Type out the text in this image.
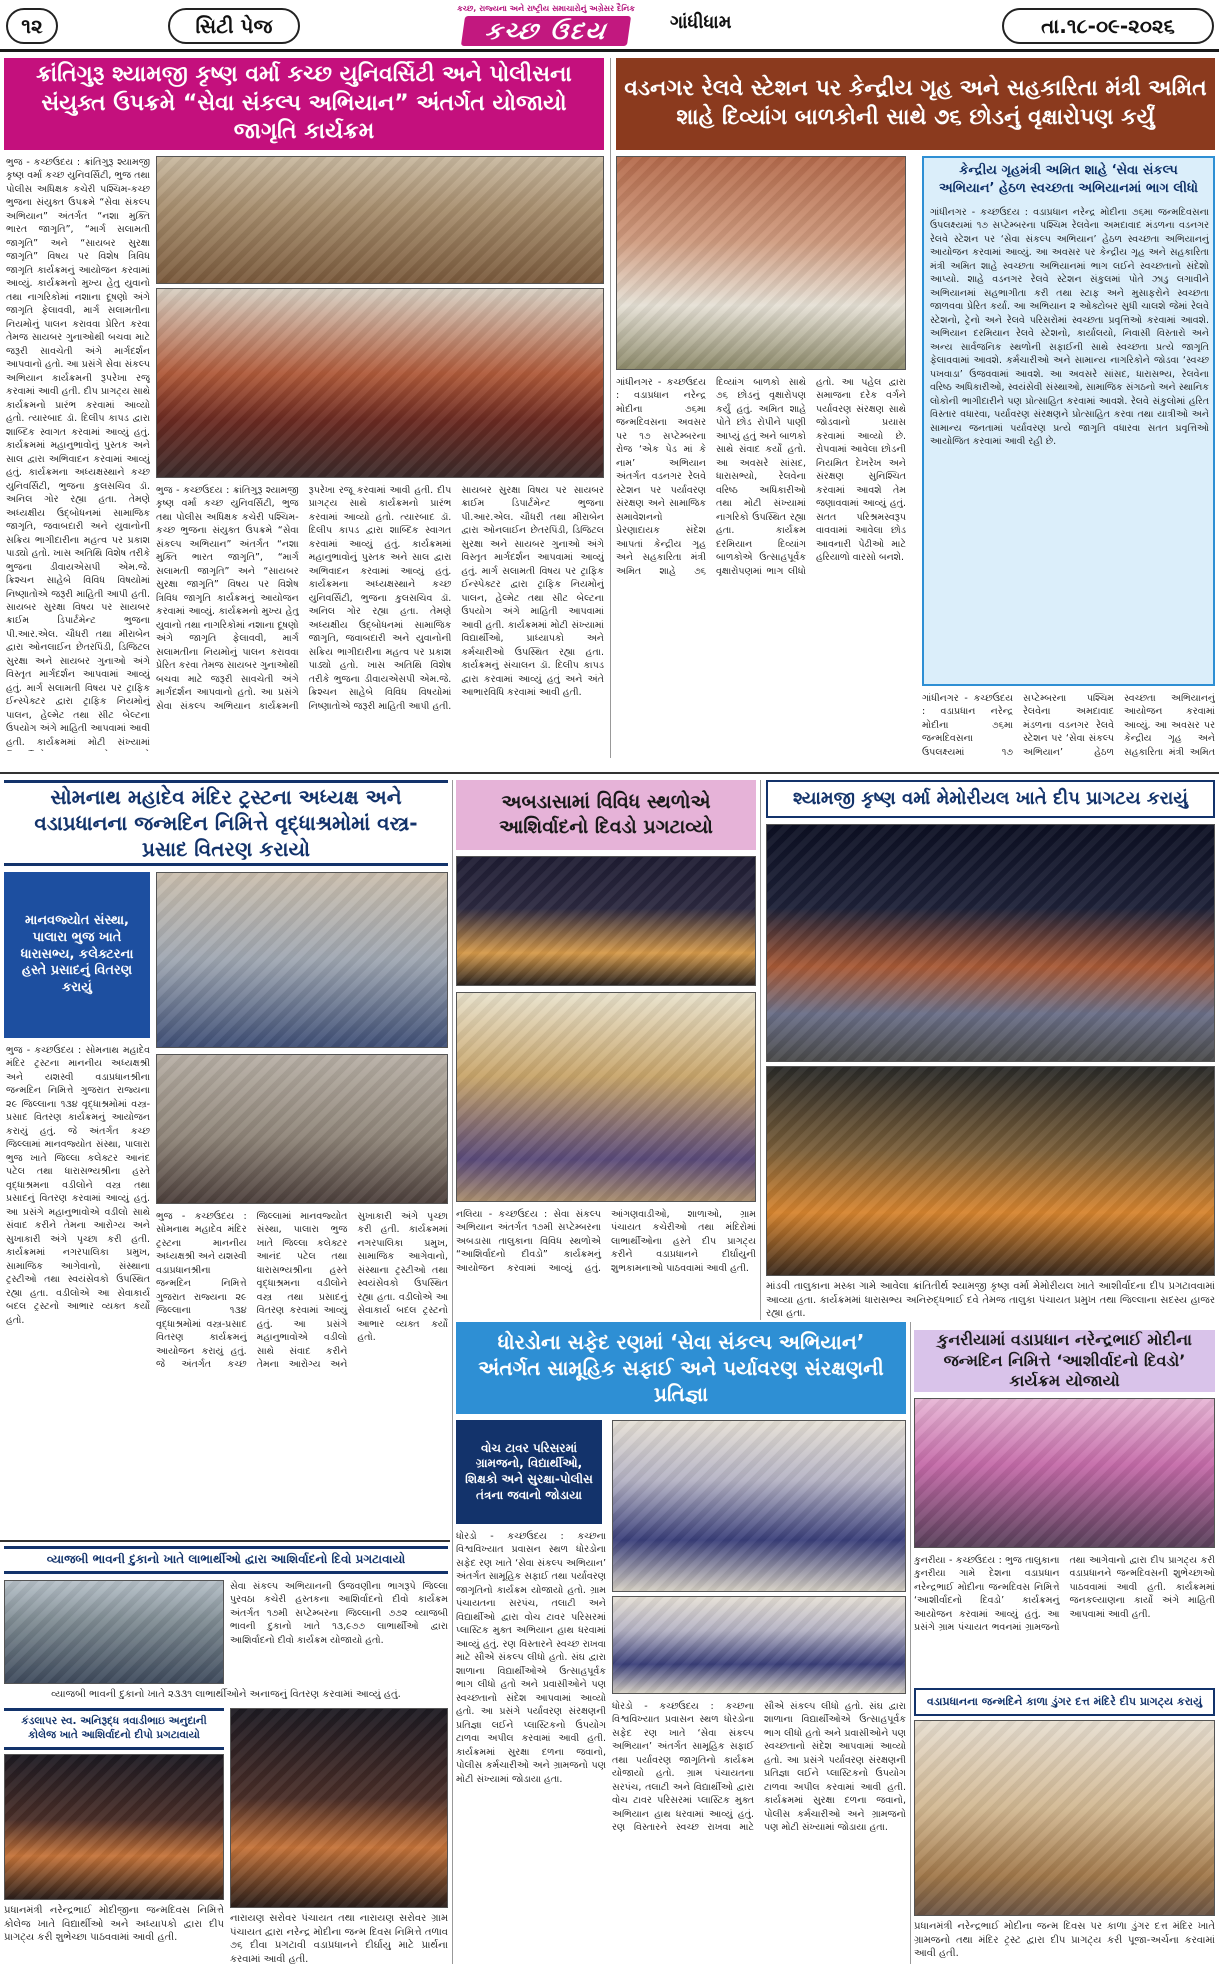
૧૨	સિટી પેજ
કચ્છ, રાજ્યના અને રાષ્ટ્રીય સમાચારોનું અગ્રેસર દૈનિક
કચ્છ ઉદય	ગાંધીધામ	તા.૧૮-૦૯-૨૦૨૬
ક્રાંતિગુરૂ શ્યામજી કૃષ્ણ વર્મા કચ્છ યુનિવર્સિટી અને પોલીસના સંયુક્ત ઉપક્રમે “સેવા સંકલ્પ અભિયાન” અંતર્ગત યોજાયો જાગૃતિ કાર્યક્રમ
ભુજ - કચ્છઉદય : ક્રાંતિગુરૂ શ્યામજી કૃષ્ણ વર્મા કચ્છ યુનિવર્સિટી, ભુજ તથા પોલીસ અધિક્ષક કચેરી પશ્ચિમ-કચ્છ ભુજના સંયુક્ત ઉપક્રમે “સેવા સંકલ્પ અભિયાન” અંતર્ગત “નશા મુક્તિ ભારત જાગૃતિ”, “માર્ગ સલામતી જાગૃતિ” અને “સાયબર સુરક્ષા જાગૃતિ” વિષય પર વિશેષ ત્રિવિધ જાગૃતિ કાર્યક્રમનું આયોજન કરવામાં આવ્યું. કાર્યક્રમનો મુખ્ય હેતુ યુવાનો તથા નાગરિકોમાં નશાના દૂષણો અંગે જાગૃતિ ફેલાવવી, માર્ગ સલામતીના નિયમોનું પાલન કરાવવા પ્રેરિત કરવા તેમજ સાયબર ગુનાઓથી બચવા માટે જરૂરી સાવચેતી અંગે માર્ગદર્શન આપવાનો હતો. આ પ્રસંગે સેવા સંકલ્પ અભિયાન કાર્યક્રમની રૂપરેખા રજૂ કરવામાં આવી હતી. દીપ પ્રાગટ્ય સાથે કાર્યક્રમનો પ્રારંભ કરવામાં આવ્યો હતો. ત્યારબાદ ડૉ. દિલીપ કાપડ દ્વારા શાબ્દિક સ્વાગત કરવામાં આવ્યું હતું. કાર્યક્રમમાં મહાનુભાવોનું પુસ્તક અને સાલ દ્વારા અભિવાદન કરવામાં આવ્યું હતું. કાર્યક્રમના અધ્યક્ષસ્થાને કચ્છ યુનિવર્સિટી, ભુજના કુલસચિવ ડૉ. અનિલ ગોર રહ્યા હતા. તેમણે અધ્યક્ષીય ઉદ્બોધનમાં સામાજિક જાગૃતિ, જવાબદારી અને યુવાનોની સક્રિય ભાગીદારીના મહત્વ પર પ્રકાશ પાડ્યો હતો. ખાસ અતિથિ વિશેષ તરીકે ભુજના ડીવાયએસપી એમ.જે. ક્રિશ્ચન સાહેબે વિવિધ વિષયોમાં નિષ્ણાતોએ જરૂરી માહિતી આપી હતી. સાયબર સુરક્ષા વિષય પર સાયબર ક્રાઈમ ડિપાર્ટમેન્ટ ભુજના પી.આર.એલ. ચૌધરી તથા મીરાબેન દ્વારા ઓનલાઈન છેતરપિંડી, ડિજિટલ સુરક્ષા અને સાયબર ગુનાઓ અંગે વિસ્તૃત માર્ગદર્શન આપવામાં આવ્યું હતું. માર્ગ સલામતી વિષય પર ટ્રાફિક ઈન્સ્પેક્ટર દ્વારા ટ્રાફિક નિયમોનું પાલન, હેલ્મેટ તથા સીટ બેલ્ટના ઉપયોગ અંગે માહિતી આપવામાં આવી હતી. કાર્યક્રમમાં મોટી સંખ્યામાં
ભુજ - કચ્છઉદય : ક્રાંતિગુરૂ શ્યામજી કૃષ્ણ વર્મા કચ્છ યુનિવર્સિટી, ભુજ તથા પોલીસ અધિક્ષક કચેરી પશ્ચિમ-કચ્છ ભુજના સંયુક્ત ઉપક્રમે “સેવા સંકલ્પ અભિયાન” અંતર્ગત “નશા મુક્તિ ભારત જાગૃતિ”, “માર્ગ સલામતી જાગૃતિ” અને “સાયબર સુરક્ષા જાગૃતિ” વિષય પર વિશેષ ત્રિવિધ જાગૃતિ કાર્યક્રમનું આયોજન કરવામાં આવ્યું. કાર્યક્રમનો મુખ્ય હેતુ યુવાનો તથા નાગરિકોમાં નશાના દૂષણો અંગે જાગૃતિ ફેલાવવી, માર્ગ સલામતીના નિયમોનું પાલન કરાવવા પ્રેરિત કરવા તેમજ સાયબર ગુનાઓથી બચવા માટે જરૂરી સાવચેતી અંગે માર્ગદર્શન આપવાનો હતો. આ પ્રસંગે સેવા સંકલ્પ અભિયાન કાર્યક્રમની રૂપરેખા રજૂ કરવામાં આવી હતી. દીપ પ્રાગટ્ય સાથે કાર્યક્રમનો પ્રારંભ કરવામાં આવ્યો હતો. ત્યારબાદ ડૉ. દિલીપ કાપડ દ્વારા શાબ્દિક સ્વાગત કરવામાં આવ્યું હતું. કાર્યક્રમમાં મહાનુભાવોનું પુસ્તક અને સાલ દ્વારા અભિવાદન કરવામાં આવ્યું હતું. કાર્યક્રમના અધ્યક્ષસ્થાને કચ્છ યુનિવર્સિટી, ભુજના કુલસચિવ ડૉ. અનિલ ગોર રહ્યા હતા. તેમણે અધ્યક્ષીય ઉદ્બોધનમાં સામાજિક જાગૃતિ, જવાબદારી અને યુવાનોની સક્રિય ભાગીદારીના મહત્વ પર પ્રકાશ પાડ્યો હતો. ખાસ અતિથિ વિશેષ તરીકે ભુજના ડીવાયએસપી એમ.જે. ક્રિશ્ચન સાહેબે વિવિધ વિષયોમાં નિષ્ણાતોએ જરૂરી માહિતી આપી હતી. સાયબર સુરક્ષા વિષય પર સાયબર ક્રાઈમ ડિપાર્ટમેન્ટ ભુજના પી.આર.એલ. ચૌધરી તથા મીરાબેન દ્વારા ઓનલાઈન છેતરપિંડી, ડિજિટલ સુરક્ષા અને સાયબર ગુનાઓ અંગે વિસ્તૃત માર્ગદર્શન આપવામાં આવ્યું હતું. માર્ગ સલામતી વિષય પર ટ્રાફિક ઈન્સ્પેક્ટર દ્વારા ટ્રાફિક નિયમોનું પાલન, હેલ્મેટ તથા સીટ બેલ્ટના ઉપયોગ અંગે માહિતી આપવામાં આવી હતી. કાર્યક્રમમાં મોટી સંખ્યામાં વિદ્યાર્થીઓ, પ્રાધ્યાપકો અને કર્મચારીઓ ઉપસ્થિત રહ્યા હતા. કાર્યક્રમનું સંચાલન ડૉ. દિલીપ કાપડ દ્વારા કરવામાં આવ્યું હતું અને અંતે આભારવિધિ કરવામાં આવી હતી.
વડનગર રેલવે સ્ટેશન પર કેન્દ્રીય ગૃહ અને સહકારિતા મંત્રી અમિત શાહે દિવ્યાંગ બાળકોની સાથે ૭૬ છોડનું વૃક્ષારોપણ કર્યું
ગાંધીનગર - કચ્છઉદય : વડાપ્રધાન નરેન્દ્ર મોદીના ૭૬મા જન્મદિવસના અવસર પર ૧૭ સપ્ટેમ્બરના રોજ ‘એક પેડ માં કે નામ’ અભિયાન અંતર્ગત વડનગર રેલવે સ્ટેશન પર પર્યાવરણ સંરક્ષણ અને સામાજિક સમાવેશનનો પ્રેરણાદાયક સંદેશ આપતાં કેન્દ્રીય ગૃહ અને સહકારિતા મંત્રી અમિત શાહે ૭૬ દિવ્યાંગ બાળકો સાથે ૭૬ છોડનું વૃક્ષારોપણ કર્યું હતું. અમિત શાહે પોતે છોડ રોપીને પાણી આપ્યું હતું અને બાળકો સાથે સંવાદ કર્યો હતો. આ અવસરે સાંસદ, ધારાસભ્યો, રેલવેના વરિષ્ઠ અધિકારીઓ તથા મોટી સંખ્યામાં નાગરિકો ઉપસ્થિત રહ્યા હતા. કાર્યક્રમ દરમિયાન દિવ્યાંગ બાળકોએ ઉત્સાહપૂર્વક વૃક્ષારોપણમાં ભાગ લીધો હતો. આ પહેલ દ્વારા સમાજના દરેક વર્ગને પર્યાવરણ સંરક્ષણ સાથે જોડવાનો પ્રયાસ કરવામાં આવ્યો છે. રોપવામાં આવેલા છોડની નિયમિત દેખરેખ અને સંરક્ષણ સુનિશ્ચિત કરવામાં આવશે તેમ જણાવવામાં આવ્યું હતું. સતત પરિશ્રમસ્વરૂપ વાવવામાં આવેલા છોડ આવનારી પેઢીઓ માટે હરિયાળો વારસો બનશે.
કેન્દ્રીય ગૃહમંત્રી અમિત શાહે ‘સેવા સંકલ્પ અભિયાન’ હેઠળ સ્વચ્છતા અભિયાનમાં ભાગ લીધો
ગાંધીનગર - કચ્છઉદય : વડાપ્રધાન નરેન્દ્ર મોદીના ૭૬મા જન્મદિવસના ઉપલક્ષ્યમાં ૧૭ સપ્ટેમ્બરના પશ્ચિમ રેલવેના અમદાવાદ મંડળના વડનગર રેલવે સ્ટેશન પર ‘સેવા સંકલ્પ અભિયાન’ હેઠળ સ્વચ્છતા અભિયાનનું આયોજન કરવામાં આવ્યું. આ અવસર પર કેન્દ્રીય ગૃહ અને સહકારિતા મંત્રી અમિત શાહે સ્વચ્છતા અભિયાનમાં ભાગ લઈને સ્વચ્છતાનો સંદેશો આપ્યો. શાહે વડનગર રેલવે સ્ટેશન સંકુલમાં પોતે ઝાડુ લગાવીને અભિયાનમાં સહભાગીતા કરી તથા સ્ટાફ અને મુસાફરોને સ્વચ્છતા જાળવવા પ્રેરિત કર્યા. આ અભિયાન ૨ ઓક્ટોબર સુધી ચાલશે જેમાં રેલવે સ્ટેશનો, ટ્રેનો અને રેલવે પરિસરોમાં સ્વચ્છતા પ્રવૃત્તિઓ કરવામાં આવશે. અભિયાન દરમિયાન રેલવે સ્ટેશનો, કાર્યાલયો, નિવાસી વિસ્તારો અને અન્ય સાર્વજનિક સ્થળોની સફાઈની સાથે સ્વચ્છતા પ્રત્યે જાગૃતિ ફેલાવવામાં આવશે. કર્મચારીઓ અને સામાન્ય નાગરિકોને જોડવા ‘સ્વચ્છ પખવાડા’ ઉજવવામાં આવશે. આ અવસરે સાંસદ, ધારાસભ્ય, રેલવેના વરિષ્ઠ અધિકારીઓ, સ્વયંસેવી સંસ્થાઓ, સામાજિક સંગઠનો અને સ્થાનિક લોકોની ભાગીદારીને પણ પ્રોત્સાહિત કરવામાં આવશે. રેલવે સંકુલોમાં હરિત વિસ્તાર વધારવા, પર્યાવરણ સંરક્ષણને પ્રોત્સાહિત કરવા તથા યાત્રીઓ અને સામાન્ય જનતામાં પર્યાવરણ પ્રત્યે જાગૃતિ વધારવા સતત પ્રવૃત્તિઓ આયોજિત કરવામાં આવી રહી છે.
ગાંધીનગર - કચ્છઉદય : વડાપ્રધાન નરેન્દ્ર મોદીના ૭૬મા જન્મદિવસના ઉપલક્ષ્યમાં ૧૭ સપ્ટેમ્બરના પશ્ચિમ રેલવેના અમદાવાદ મંડળના વડનગર રેલવે સ્ટેશન પર ‘સેવા સંકલ્પ અભિયાન’ હેઠળ સ્વચ્છતા અભિયાનનું આયોજન કરવામાં આવ્યું. આ અવસર પર કેન્દ્રીય ગૃહ અને સહકારિતા મંત્રી અમિત
સોમનાથ મહાદેવ મંદિર ટ્રસ્ટના અધ્યક્ષ અને વડાપ્રધાનના જન્મદિન નિમિત્તે વૃદ્ધાશ્રમોમાં વસ્ત્ર-પ્રસાદ વિતરણ કરાયો
માનવજ્યોત સંસ્થા, પાલારા ભુજ ખાતે ધારાસભ્ય, કલેક્ટરના હસ્તે પ્રસાદનું વિતરણ કરાયું
ભુજ - કચ્છઉદય : સોમનાથ મહાદેવ મંદિર ટ્રસ્ટના માનનીય અધ્યક્ષશ્રી અને યશસ્વી વડાપ્રધાનશ્રીના જન્મદિન નિમિત્તે ગુજરાત રાજ્યના ૨૯ જિલ્લાના ૧૩૪ વૃદ્ધાશ્રમોમાં વસ્ત્ર-પ્રસાદ વિતરણ કાર્યક્રમનું આયોજન કરાયું હતું. જે અંતર્ગત કચ્છ જિલ્લામાં માનવજ્યોત સંસ્થા, પાલારા ભુજ ખાતે જિલ્લા કલેક્ટર આનંદ પટેલ તથા ધારાસભ્યશ્રીના હસ્તે વૃદ્ધાશ્રમના વડીલોને વસ્ત્ર તથા પ્રસાદનું વિતરણ કરવામાં આવ્યું હતું. આ પ્રસંગે મહાનુભાવોએ વડીલો સાથે સંવાદ કરીને તેમના આરોગ્ય અને સુખાકારી અંગે પૃચ્છા કરી હતી. કાર્યક્રમમાં નગરપાલિકા પ્રમુખ, સામાજિક આગેવાનો, સંસ્થાના ટ્રસ્ટીઓ તથા સ્વયંસેવકો ઉપસ્થિત રહ્યા હતા. વડીલોએ આ સેવાકાર્ય બદલ ટ્રસ્ટનો આભાર વ્યક્ત કર્યો હતો.
ભુજ - કચ્છઉદય : સોમનાથ મહાદેવ મંદિર ટ્રસ્ટના માનનીય અધ્યક્ષશ્રી અને યશસ્વી વડાપ્રધાનશ્રીના જન્મદિન નિમિત્તે ગુજરાત રાજ્યના ૨૯ જિલ્લાના ૧૩૪ વૃદ્ધાશ્રમોમાં વસ્ત્ર-પ્રસાદ વિતરણ કાર્યક્રમનું આયોજન કરાયું હતું. જે અંતર્ગત કચ્છ જિલ્લામાં માનવજ્યોત સંસ્થા, પાલારા ભુજ ખાતે જિલ્લા કલેક્ટર આનંદ પટેલ તથા ધારાસભ્યશ્રીના હસ્તે વૃદ્ધાશ્રમના વડીલોને વસ્ત્ર તથા પ્રસાદનું વિતરણ કરવામાં આવ્યું હતું. આ પ્રસંગે મહાનુભાવોએ વડીલો સાથે સંવાદ કરીને તેમના આરોગ્ય અને સુખાકારી અંગે પૃચ્છા કરી હતી. કાર્યક્રમમાં નગરપાલિકા પ્રમુખ, સામાજિક આગેવાનો, સંસ્થાના ટ્રસ્ટીઓ તથા સ્વયંસેવકો ઉપસ્થિત રહ્યા હતા. વડીલોએ આ સેવાકાર્ય બદલ ટ્રસ્ટનો આભાર વ્યક્ત કર્યો હતો.
અબડાસામાં વિવિધ સ્થળોએ આશિર્વાદનો દિવડો પ્રગટાવ્યો
નલિયા - કચ્છઉદય : સેવા સંકલ્પ અભિયાન અંતર્ગત ૧૭મી સપ્ટેમ્બરના અબડાસા તાલુકાના વિવિધ સ્થળોએ “આશિર્વાદનો દીવડો” કાર્યક્રમનું આયોજન કરવામાં આવ્યું હતું. આંગણવાડીઓ, શાળાઓ, ગ્રામ પંચાયત કચેરીઓ તથા મંદિરોમાં લાભાર્થીઓના હસ્તે દીપ પ્રાગટ્ય કરીને વડાપ્રધાનને દીર્ઘાયુની શુભકામનાઓ પાઠવવામાં આવી હતી.
શ્યામજી કૃષ્ણ વર્મા મેમોરીયલ ખાતે દીપ પ્રાગટય કરાયું
માંડવી તાલુકાના મસ્કા ગામે આવેલા ક્રાંતિતીર્થ શ્યામજી કૃષ્ણ વર્મા મેમોરીયલ ખાતે આશીર્વાદના દીપ પ્રગટાવવામાં આવ્યા હતા. કાર્યક્રમમાં ધારાસભ્ય અનિરુદ્ધભાઈ દવે તેમજ તાલુકા પંચાયત પ્રમુખ તથા જિલ્લાના સદસ્ય હાજર રહ્યા હતા.
ધોરડોના સફેદ રણમાં ‘સેવા સંકલ્પ અભિયાન’ અંતર્ગત સામૂહિક સફાઈ અને પર્યાવરણ સંરક્ષણની પ્રતિજ્ઞા
વોચ ટાવર પરિસરમાં ગ્રામજનો, વિદ્યાર્થીઓ, શિક્ષકો અને સુરક્ષા-પોલીસ તંત્રના જવાનો જોડાયા
ધોરડો - કચ્છઉદય : કચ્છના વિશ્વવિખ્યાત પ્રવાસન સ્થળ ધોરડોના સફેદ રણ ખાતે ‘સેવા સંકલ્પ અભિયાન’ અંતર્ગત સામૂહિક સફાઈ તથા પર્યાવરણ જાગૃતિનો કાર્યક્રમ યોજાયો હતો. ગ્રામ પંચાયતના સરપંચ, તલાટી અને વિદ્યાર્થીઓ દ્વારા વોચ ટાવર પરિસરમાં પ્લાસ્ટિક મુક્ત અભિયાન હાથ ધરવામાં આવ્યું હતું. રણ વિસ્તારને સ્વચ્છ રાખવા માટે સૌએ સંકલ્પ લીધો હતો. સંઘ દ્વારા શાળાના વિદ્યાર્થીઓએ ઉત્સાહપૂર્વક ભાગ લીધો હતો અને પ્રવાસીઓને પણ સ્વચ્છતાનો સંદેશ આપવામાં આવ્યો હતો. આ પ્રસંગે પર્યાવરણ સંરક્ષણની પ્રતિજ્ઞા લઈને પ્લાસ્ટિકનો ઉપયોગ ટાળવા અપીલ કરવામાં આવી હતી. કાર્યક્રમમાં સુરક્ષા દળના જવાનો, પોલીસ કર્મચારીઓ અને ગ્રામજનો પણ મોટી સંખ્યામાં જોડાયા હતા.
ધોરડો - કચ્છઉદય : કચ્છના વિશ્વવિખ્યાત પ્રવાસન સ્થળ ધોરડોના સફેદ રણ ખાતે ‘સેવા સંકલ્પ અભિયાન’ અંતર્ગત સામૂહિક સફાઈ તથા પર્યાવરણ જાગૃતિનો કાર્યક્રમ યોજાયો હતો. ગ્રામ પંચાયતના સરપંચ, તલાટી અને વિદ્યાર્થીઓ દ્વારા વોચ ટાવર પરિસરમાં પ્લાસ્ટિક મુક્ત અભિયાન હાથ ધરવામાં આવ્યું હતું. રણ વિસ્તારને સ્વચ્છ રાખવા માટે સૌએ સંકલ્પ લીધો હતો. સંઘ દ્વારા શાળાના વિદ્યાર્થીઓએ ઉત્સાહપૂર્વક ભાગ લીધો હતો અને પ્રવાસીઓને પણ સ્વચ્છતાનો સંદેશ આપવામાં આવ્યો હતો. આ પ્રસંગે પર્યાવરણ સંરક્ષણની પ્રતિજ્ઞા લઈને પ્લાસ્ટિકનો ઉપયોગ ટાળવા અપીલ કરવામાં આવી હતી. કાર્યક્રમમાં સુરક્ષા દળના જવાનો, પોલીસ કર્મચારીઓ અને ગ્રામજનો પણ મોટી સંખ્યામાં જોડાયા હતા.
કુનરીયામાં વડાપ્રધાન નરેન્દ્રભાઈ મોદીના જન્મદિન નિમિત્તે ‘આશીર્વાદનો દિવડો’ કાર્યક્રમ યોજાયો
કુનરીયા - કચ્છઉદય : ભુજ તાલુકાના કુનરીયા ગામે દેશના વડાપ્રધાન નરેન્દ્રભાઈ મોદીના જન્મદિવસ નિમિત્તે ‘આશીર્વાદનો દિવડો’ કાર્યક્રમનું આયોજન કરવામાં આવ્યું હતું. આ પ્રસંગે ગ્રામ પંચાયત ભવનમાં ગ્રામજનો તથા આગેવાનો દ્વારા દીપ પ્રાગટ્ય કરી વડાપ્રધાનને જન્મદિવસની શુભેચ્છાઓ પાઠવવામાં આવી હતી. કાર્યક્રમમાં જનકલ્યાણના કાર્યો અંગે માહિતી આપવામાં આવી હતી.
વડાપ્રધાનના જન્મદિને કાળા ડુંગર દત્ત મંદિરે દીપ પ્રાગટ્ય કરાયું
પ્રધાનમંત્રી નરેન્દ્રભાઈ મોદીના જન્મ દિવસ પર કાળા ડુંગર દત્ત મંદિર ખાતે ગ્રામજનો તથા મંદિર ટ્રસ્ટ દ્વારા દીપ પ્રાગટ્ય કરી પૂજા-અર્ચના કરવામાં આવી હતી.
વ્યાજબી ભાવની દુકાનો ખાતે લાભાર્થીઓ દ્વારા આશિર્વાદનો દિવો પ્રગટાવાયો
સેવા સંકલ્પ અભિયાનની ઉજવણીના ભાગરૂપે જિલ્લા પુરવઠા કચેરી હસ્તકના આશિર્વાદનો દીવો કાર્યક્રમ અંતર્ગત ૧૭મી સપ્ટેમ્બરના જિલ્લાની ૭૭૨ વ્યાજબી ભાવની દુકાનો ખાતે ૧૩,૯૭૭ લાભાર્થીઓ દ્વારા આશિર્વાદનો દીવો કાર્યક્રમ યોજાયો હતો.
વ્યાજબી ભાવની દુકાનો ખાતે ૨૩૩૧ લાભાર્થીઓને અનાજનું વિતરણ કરવામાં આવ્યું હતું.
કંડલાપર સ્વ. અનિરૂદ્ધ ત્રવાડીભાઇ અનુદાની કોલેજ ખાતે આશિર્વાદનો દીપો પ્રગટાવાયો
પ્રધાનમંત્રી નરેન્દ્રભાઈ મોદીજીના જન્મદિવસ નિમિત્તે કોલેજ ખાતે વિદ્યાર્થીઓ અને અધ્યાપકો દ્વારા દીપ પ્રાગટ્ય કરી શુભેચ્છા પાઠવવામાં આવી હતી.
નારાયણ સરોવર પંચાયત તથા નારાયણ સરોવર ગ્રામ પંચાયત દ્વારા નરેન્દ્ર મોદીના જન્મ દિવસ નિમિત્તે તળાવ ૭૬ દીવા પ્રગટાવી વડાપ્રધાનને દીર્ઘાયુ માટે પ્રાર્થના કરવામાં આવી હતી.
